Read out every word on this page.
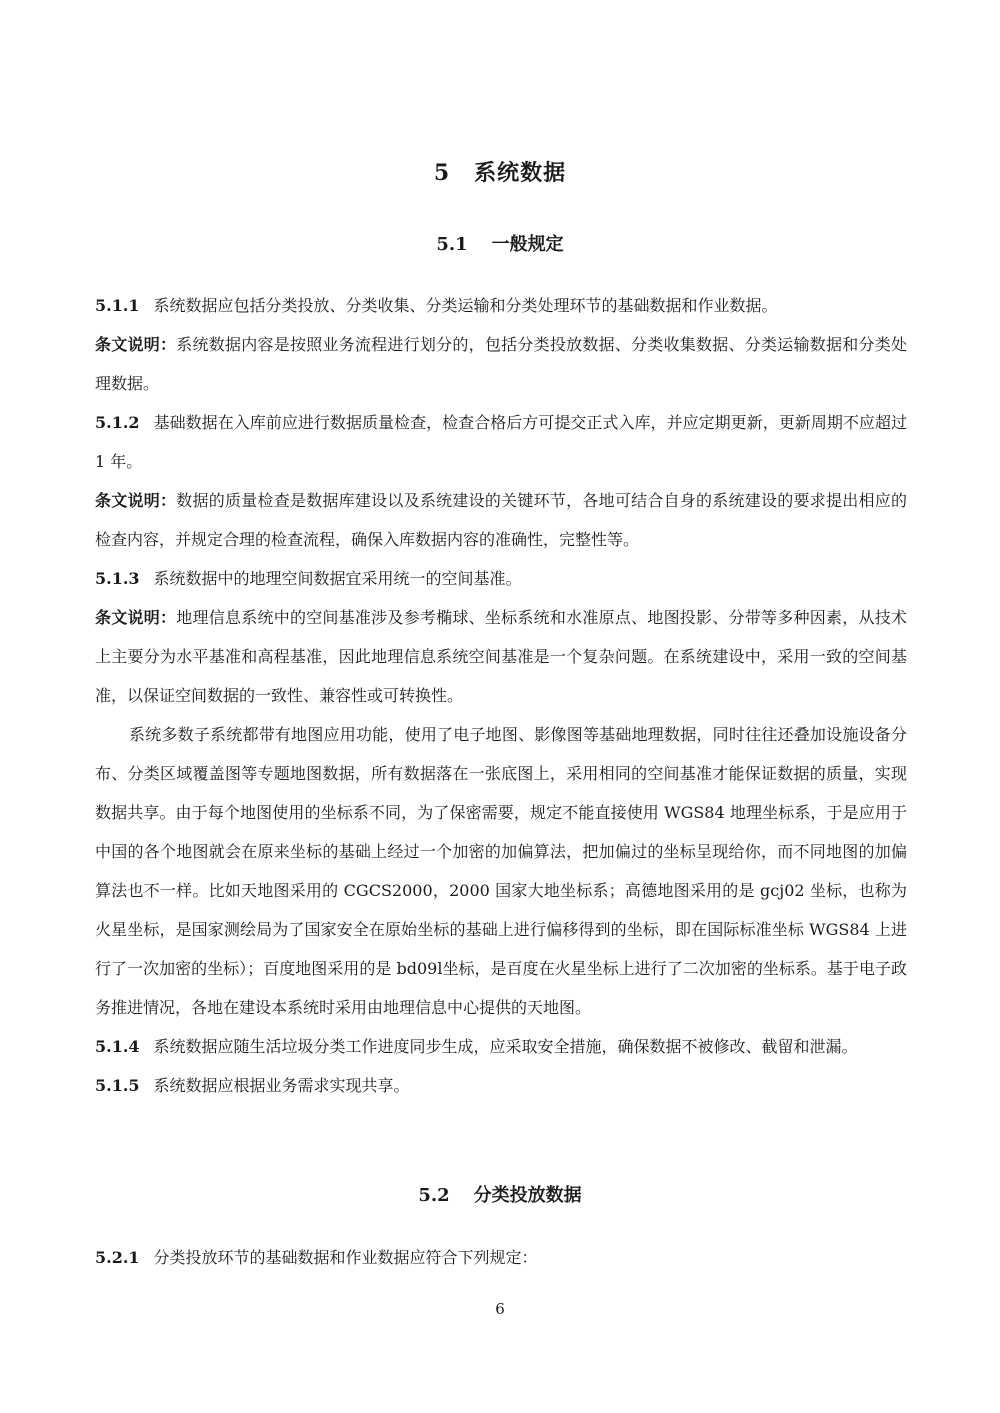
5 系统数据
5.1 一般规定

5.1.1 系统数据应包括分类投放、分类收集、分类运输和分类处理环节的基础数据和作业数据。

条文说明：系统数据内容是按照业务流程进行划分的，包括分类投放数据、分类收集数据、分类运输数据和分类处理数据。

5.1.2 基础数据在入库前应进行数据质量检查，检查合格后方可提交正式入库，并应定期更新，更新周期不应超过 1 年。

条文说明：数据的质量检查是数据库建设以及系统建设的关键环节，各地可结合自身的系统建设的要求提出相应的检查内容，并规定合理的检查流程，确保入库数据内容的准确性，完整性等。

5.1.3 系统数据中的地理空间数据宜采用统一的空间基准。

条文说明：地理信息系统中的空间基准涉及参考椭球、坐标系统和水准原点、地图投影、分带等多种因素，从技术上主要分为水平基准和高程基准，因此地理信息系统空间基准是一个复杂问题。在系统建设中，采用一致的空间基准，以保证空间数据的一致性、兼容性或可转换性。

系统多数子系统都带有地图应用功能，使用了电子地图、影像图等基础地理数据，同时往往还叠加设施设备分布、分类区域覆盖图等专题地图数据，所有数据落在一张底图上，采用相同的空间基准才能保证数据的质量，实现数据共享。由于每个地图使用的坐标系不同，为了保密需要，规定不能直接使用 WGS84 地理坐标系，于是应用于中国的各个地图就会在原来坐标的基础上经过一个加密的加偏算法，把加偏过的坐标呈现给你，而不同地图的加偏算法也不一样。比如天地图采用的 CGCS2000，2000 国家大地坐标系；高德地图采用的是 gcj02 坐标，也称为火星坐标，是国家测绘局为了国家安全在原始坐标的基础上进行偏移得到的坐标，即在国际标准坐标 WGS84 上进行了一次加密的坐标）；百度地图采用的是 bd09l坐标，是百度在火星坐标上进行了二次加密的坐标系。基于电子政务推进情况，各地在建设本系统时采用由地理信息中心提供的天地图。

5.1.4 系统数据应随生活垃圾分类工作进度同步生成，应采取安全措施，确保数据不被修改、截留和泄漏。

5.1.5 系统数据应根据业务需求实现共享。

5.2 分类投放数据

5.2.1 分类投放环节的基础数据和作业数据应符合下列规定：

6
